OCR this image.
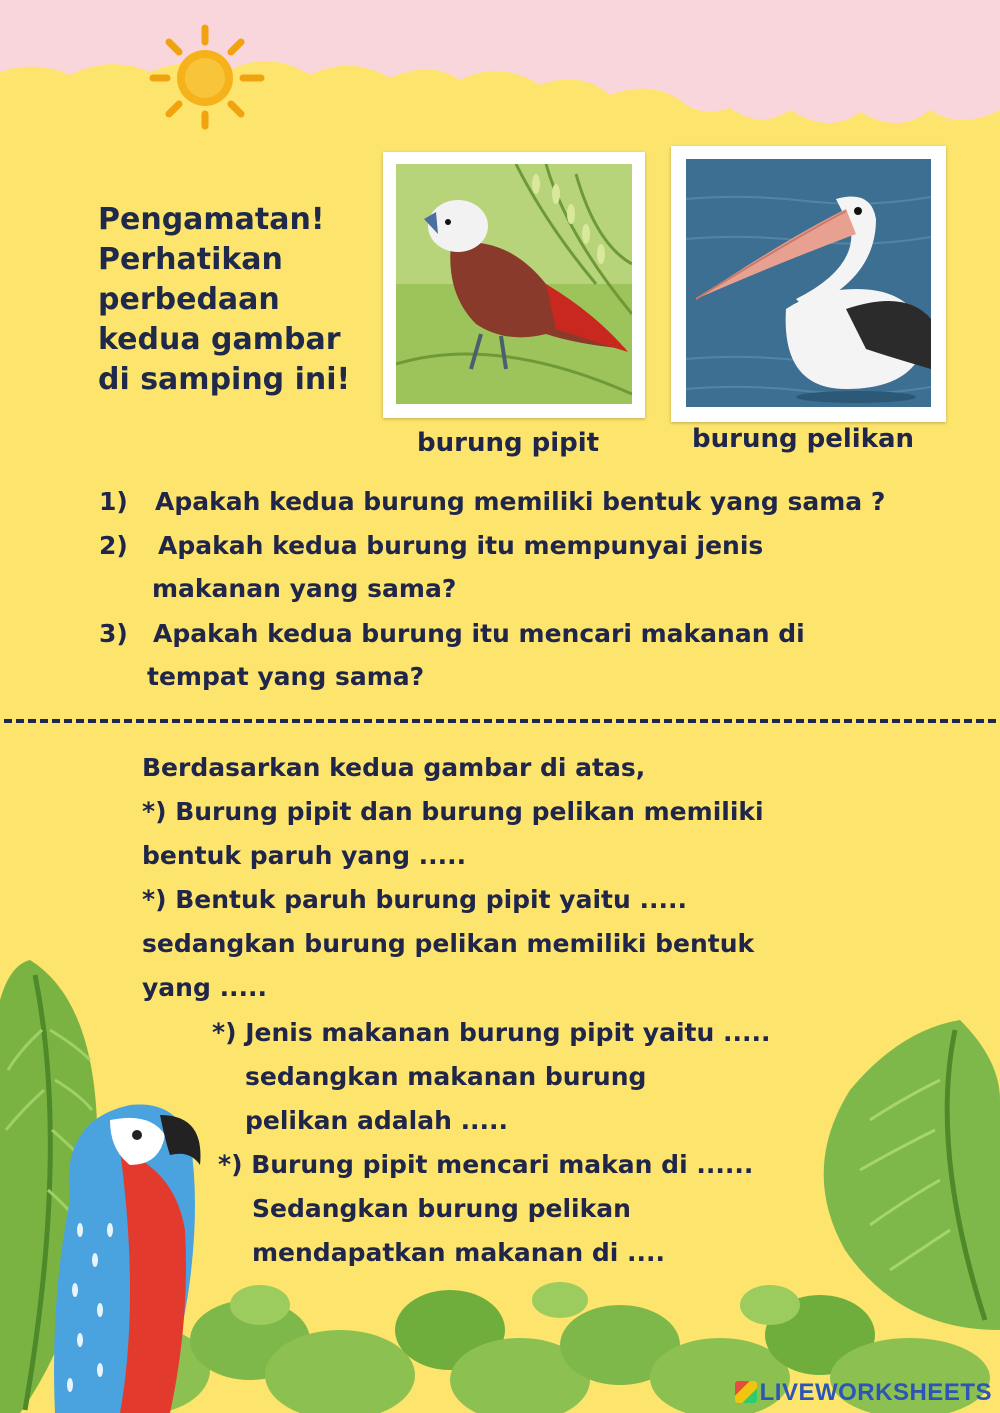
Pengamatan!
Perhatikan
perbedaan
kedua gambar
di samping ini!
burung pipit	burung pelikan
1) Apakah kedua burung memiliki bentuk yang sama ?
2) Apakah kedua burung itu mempunyai jenis
makanan yang sama?
3) Apakah kedua burung itu mencari makanan di
tempat yang sama?
Berdasarkan kedua gambar di atas,
*) Burung pipit dan burung pelikan memiliki
bentuk paruh yang .....
*) Bentuk paruh burung pipit yaitu .....
sedangkan burung pelikan memiliki bentuk
yang .....
*) Jenis makanan burung pipit yaitu .....
sedangkan makanan burung
pelikan adalah .....
*) Burung pipit mencari makan di ......
Sedangkan burung pelikan
mendapatkan makanan di ....
LIVEWORKSHEETS
